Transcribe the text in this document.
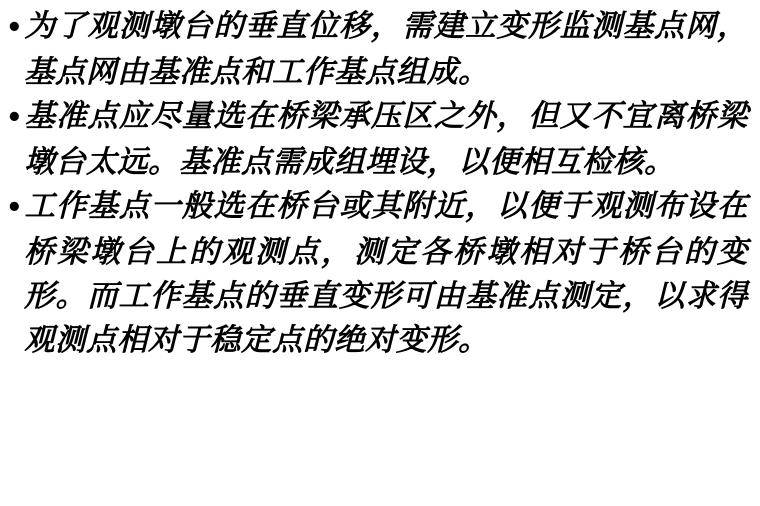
•为了观测墩台的垂直位移，需建立变形监测基点网，基点网由基准点和工作基点组成。

•基准点应尽量选在桥梁承压区之外，但又不宜离桥梁墩台太远。基准点需成组埋设，以便相互检核。

•工作基点一般选在桥台或其附近，以便于观测布设在桥梁墩台上的观测点，测定各桥墩相对于桥台的变形。而工作基点的垂直变形可由基准点测定，以求得观测点相对于稳定点的绝对变形。
